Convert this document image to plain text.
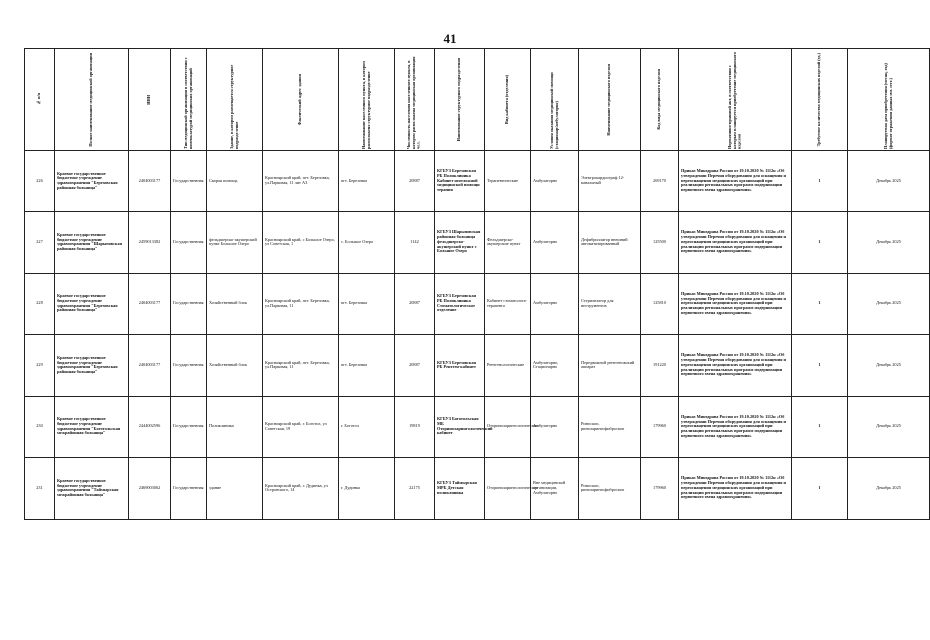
41
№ п/п	Полное наименование медицинской организации	ИНН	Тип медицинской организации в соответствии с номенклатурой медицинских организаций	Здание, в котором размещается структурное подразделение	Фактический адрес здания	Наименование населенного пункта, в котором расположено структурное подразделение	Численность населения населенного пункта, в котором расположена медицинская организация чел.	Наименование структурного подразделения	Вид кабинета (отделения)	Условия оказания медицинской помощи (стационар/амбулаторно)	Наименование медицинского изделия	Код вида медицинского изделия	Нормативно-правовой акт, в соответствии с которым планируется приобретение медицинского изделия	Требуемое количество медицинских изделий (ед.)	Планируемая дата приобретения (месяц, год) (формат отражения данных мм. гггг.)

226	Краевое государственное бюджетное учреждение здравоохранения "Березовская районная больница"	2404003177	Государственная	Скорая помощь	Красноярский край, пгт. Березовка, ул.Парковая, 11 лит А3	пгт. Березовка	20887	КГБУЗ Березовская РБ Поликлиника Кабинет неотложной медицинской помощи терапия	Терапевтические	Амбулаторно	Электрокардиограф 12-канальный	269170	Приказ Минздрава России от 19.10.2020 № 1112н «Об утверждении Перечня оборудования для оснащения и переоснащения медицинских организаций при реализации региональных программ модернизации первичного звена здравоохранения»	1	Декабрь 2025
227	Краевое государственное бюджетное учреждение здравоохранения "Шарыповская районная больница"	2459013382	Государственная	фельдшерско-акушерский пункт Большое Озеро	Красноярский край, с Большое Озеро, ул Советская, 1	с. Большое Озеро	1142	КГБУЗ Шарыповская районная больница фельдшерско-акушерский пункт с Большое Озеро	Фельдшерско-акушерские пункт	Амбулаторно	Дефибриллятор внешний автоматизированный	125500	Приказ Минздрава России от 19.10.2020 № 1112н «Об утверждении Перечня оборудования для оснащения и переоснащения медицинских организаций при реализации региональных программ модернизации первичного звена здравоохранения»	1	Декабрь 2025
228	Краевое государственное бюджетное учреждение здравоохранения "Березовская районная больница"	2404003177	Государственная	Хозяйственный блок	Красноярский край, пгт. Березовка, ул.Парковая, 11	пгт. Березовка	20887	КГБУЗ Березовская РБ Поликлиника Стоматологическое отделение	Кабинет стоматолога-терапевта	Амбулаторно	Стерилизатор для инструментов	125810	Приказ Минздрава России от 19.10.2020 № 1112н «Об утверждении Перечня оборудования для оснащения и переоснащения медицинских организаций при реализации региональных программ модернизации первичного звена здравоохранения»	1	Декабрь 2025
229	Краевое государственное бюджетное учреждение здравоохранения "Березовская районная больница"	2404003177	Государственная	Хозяйственный блок	Красноярский край, пгт. Березовка, ул.Парковая, 11	пгт. Березовка	20887	КГБУЗ Березовская РБ Рентген-кабинет	Рентгенологические	Амбулаторно, Стационарно	Передвижной рентгеновский аппарат	191220	Приказ Минздрава России от 19.10.2020 № 1112н «Об утверждении Перечня оборудования для оснащения и переоснащения медицинских организаций при реализации региональных программ модернизации первичного звена здравоохранения»	1	Декабрь 2025
230	Краевое государственное бюджетное учреждение здравоохранения "Боготольская межрайонная больница"	2444002596	Государственная	Поликлиника	Красноярский край, г. Боготол, ул Советская, 19	г. Боготол	19819	КГБУЗ Боготольская МБ Оториноларингологический кабинет	Оториноларингологические	Амбулаторно	Риноскоп, риноларингофиброскоп	179960	Приказ Минздрава России от 19.10.2020 № 1112н «Об утверждении Перечня оборудования для оснащения и переоснащения медицинских организаций при реализации региональных программ модернизации первичного звена здравоохранения»	1	Декабрь 2025
231	Краевое государственное бюджетное учреждение здравоохранения "Таймырская межрайонная больница"	2469003062	Государственная	здание	Красноярский край, г. Дудинка, ул Островского, 14	г. Дудинка	22175	КГБУЗ Таймырская МРБ Детская поликлиника	Оториноларингологические	Вне медицинской организации, Амбулаторно	Риноскоп, риноларингофиброскоп	179960	Приказ Минздрава России от 19.10.2020 № 1112н «Об утверждении Перечня оборудования для оснащения и переоснащения медицинских организаций при реализации региональных программ модернизации первичного звена здравоохранения»	1	Декабрь 2025
